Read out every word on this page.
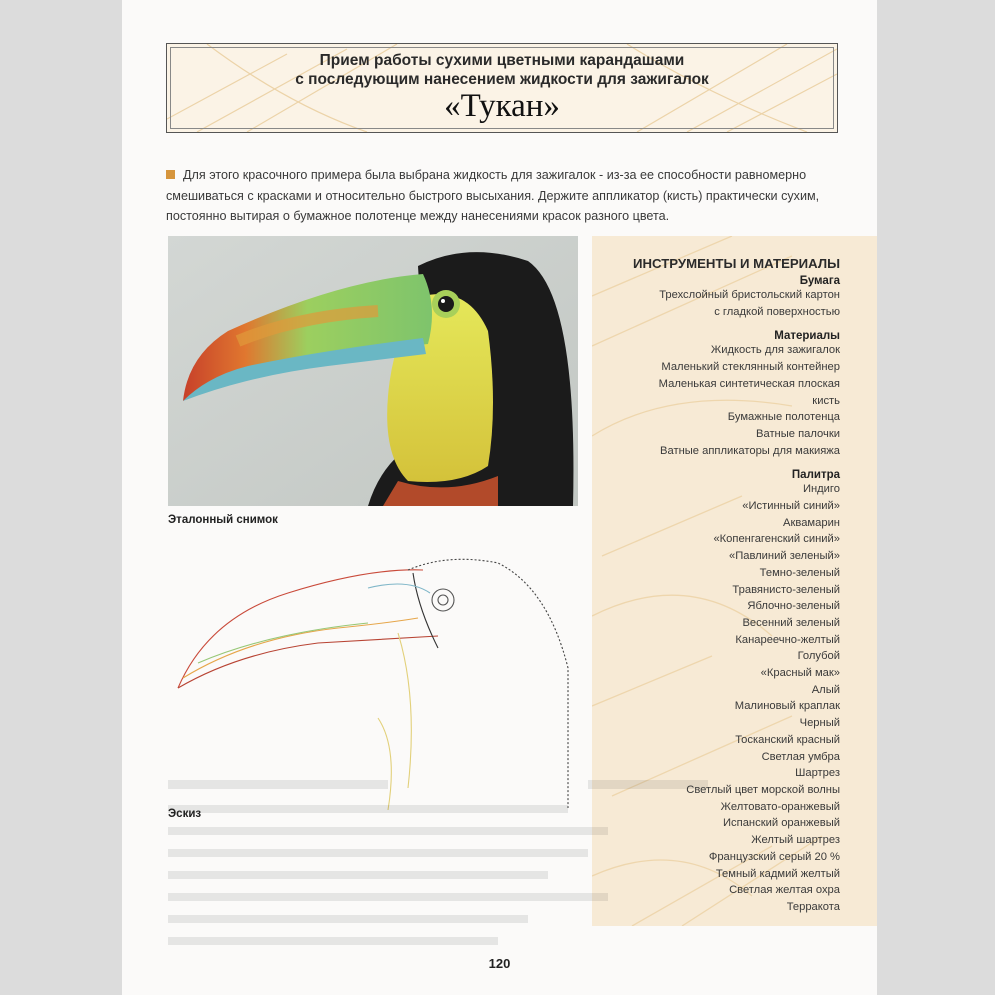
Прием работы сухими цветными карандашами
с последующим нанесением жидкости для зажигалок
«Тукан»
Для этого красочного примера была выбрана жидкость для зажигалок - из-за ее способности равномерно
смешиваться с красками и относительно быстрого высыхания. Держите аппликатор (кисть) практически сухим,
постоянно вытирая о бумажное полотенце между нанесениями красок разного цвета.
Эталонный снимок
Эскиз
ИНСТРУМЕНТЫ И МАТЕРИАЛЫ
Бумага
Трехслойный бристольский картон
с гладкой поверхностью
Материалы
Жидкость для зажигалок
Маленький стеклянный контейнер
Маленькая синтетическая плоская
кисть
Бумажные полотенца
Ватные палочки
Ватные аппликаторы для макияжа
Палитра
Индиго
«Истинный синий»
Аквамарин
«Копенгагенский синий»
«Павлиний зеленый»
Темно-зеленый
Травянисто-зеленый
Яблочно-зеленый
Весенний зеленый
Канареечно-желтый
Голубой
«Красный мак»
Алый
Малиновый краплак
Черный
Тосканский красный
Светлая умбра
Шартрез
Светлый цвет морской волны
Желтовато-оранжевый
Испанский оранжевый
Желтый шартрез
Французский серый 20 %
Темный кадмий желтый
Светлая желтая охра
Терракота
120
